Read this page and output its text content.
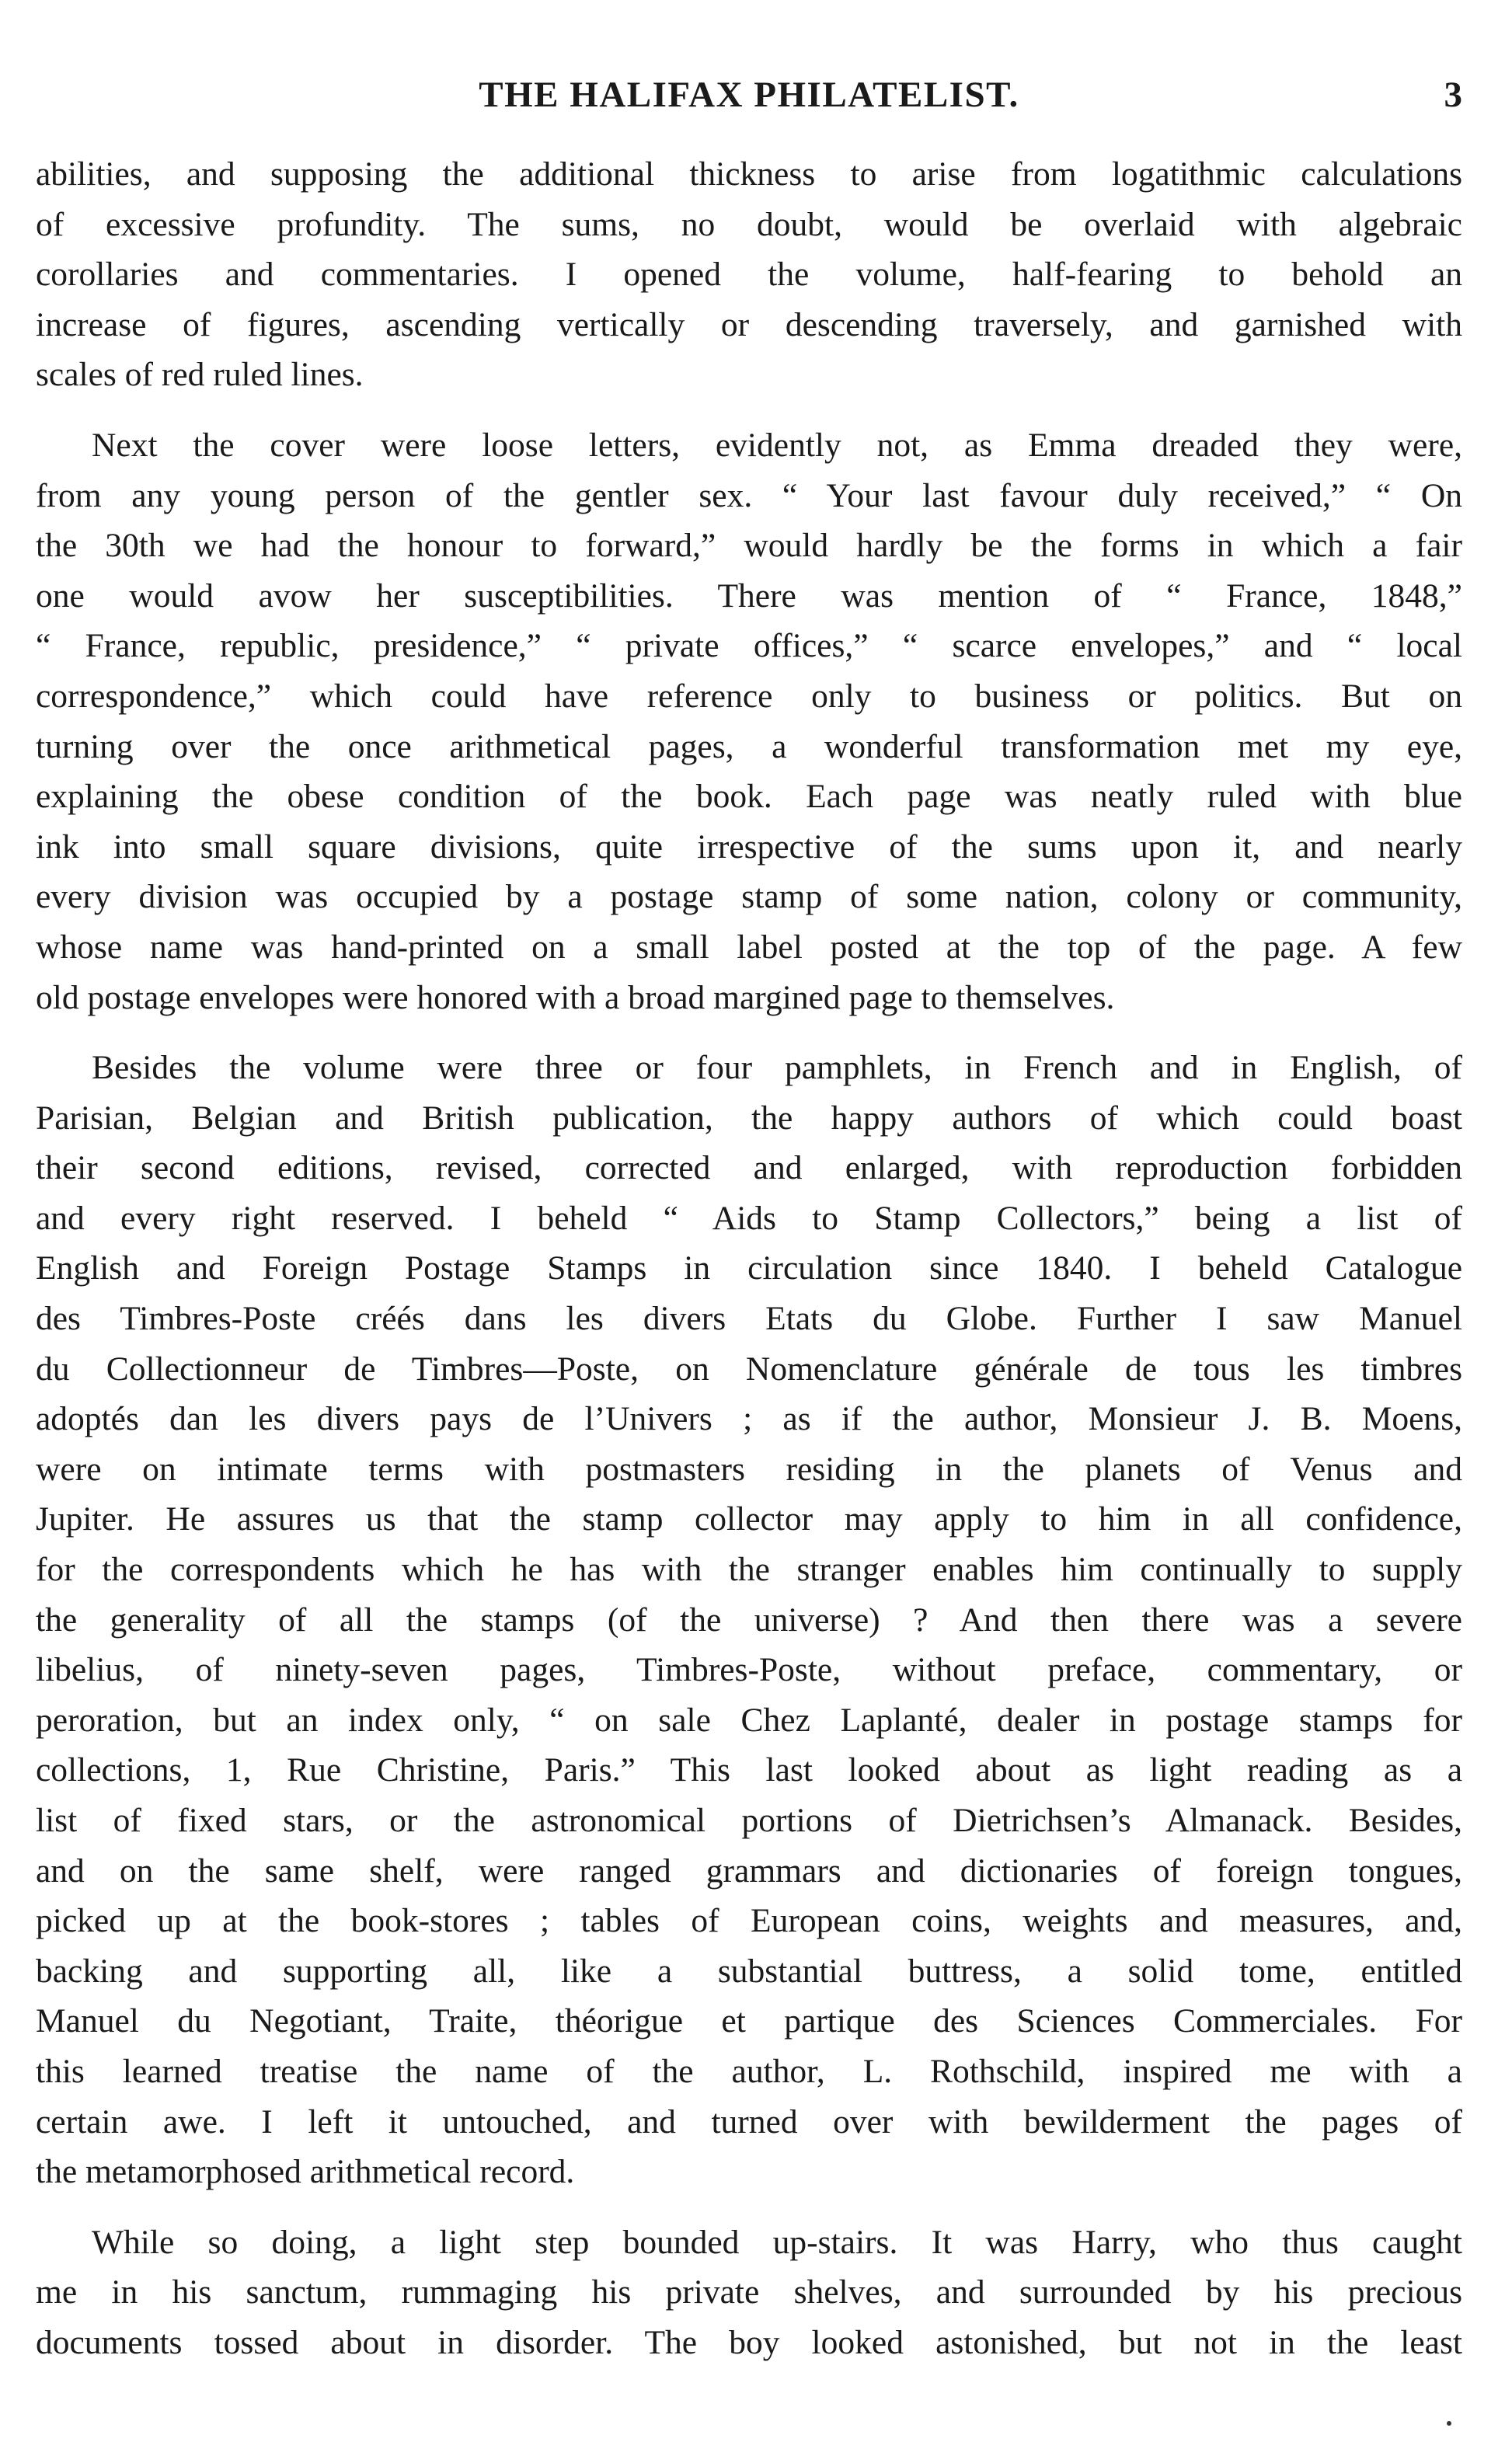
THE HALIFAX PHILATELIST.	3
abilities, and supposing the additional thickness to arise from logatithmic calculations
of excessive profundity. The sums, no doubt, would be overlaid with algebraic
corollaries and commentaries. I opened the volume, half-fearing to behold an
increase of figures, ascending vertically or descending traversely, and garnished with
scales of red ruled lines.
Next the cover were loose letters, evidently not, as Emma dreaded they were,
from any young person of the gentler sex. “ Your last favour duly received,” “ On
the 30th we had the honour to forward,” would hardly be the forms in which a fair
one would avow her susceptibilities. There was mention of “ France, 1848,”
“ France, republic, presidence,” “ private offices,” “ scarce envelopes,” and “ local
correspondence,” which could have reference only to business or politics. But on
turning over the once arithmetical pages, a wonderful transformation met my eye,
explaining the obese condition of the book. Each page was neatly ruled with blue
ink into small square divisions, quite irrespective of the sums upon it, and nearly
every division was occupied by a postage stamp of some nation, colony or community,
whose name was hand-printed on a small label posted at the top of the page. A few
old postage envelopes were honored with a broad margined page to themselves.
Besides the volume were three or four pamphlets, in French and in English, of
Parisian, Belgian and British publication, the happy authors of which could boast
their second editions, revised, corrected and enlarged, with reproduction forbidden
and every right reserved. I beheld “ Aids to Stamp Collectors,” being a list of
English and Foreign Postage Stamps in circulation since 1840. I beheld Catalogue
des Timbres-Poste créés dans les divers Etats du Globe. Further I saw Manuel
du Collectionneur de Timbres—Poste, on Nomenclature générale de tous les timbres
adoptés dan les divers pays de l’Univers ; as if the author, Monsieur J. B. Moens,
were on intimate terms with postmasters residing in the planets of Venus and
Jupiter. He assures us that the stamp collector may apply to him in all confidence,
for the correspondents which he has with the stranger enables him continually to supply
the generality of all the stamps (of the universe) ? And then there was a severe
libelius, of ninety-seven pages, Timbres-Poste, without preface, commentary, or
peroration, but an index only, “ on sale Chez Laplanté, dealer in postage stamps for
collections, 1, Rue Christine, Paris.” This last looked about as light reading as a
list of fixed stars, or the astronomical portions of Dietrichsen’s Almanack. Besides,
and on the same shelf, were ranged grammars and dictionaries of foreign tongues,
picked up at the book-stores ; tables of European coins, weights and measures, and,
backing and supporting all, like a substantial buttress, a solid tome, entitled
Manuel du Negotiant, Traite, théorigue et partique des Sciences Commerciales. For
this learned treatise the name of the author, L. Rothschild, inspired me with a
certain awe. I left it untouched, and turned over with bewilderment the pages of
the metamorphosed arithmetical record.
While so doing, a light step bounded up-stairs. It was Harry, who thus caught
me in his sanctum, rummaging his private shelves, and surrounded by his precious
documents tossed about in disorder. The boy looked astonished, but not in the least
